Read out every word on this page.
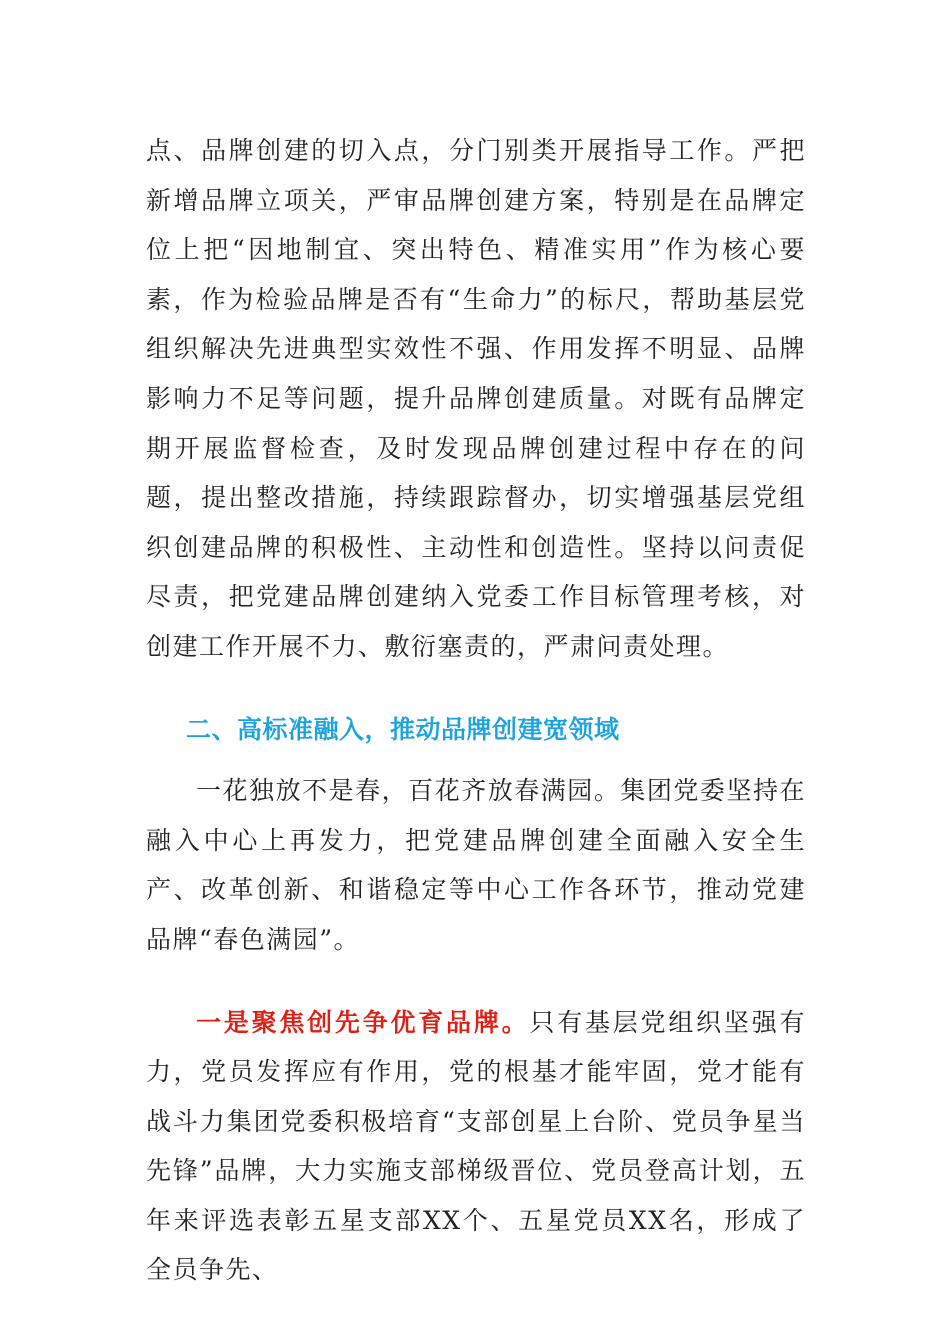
点、品牌创建的切入点，分门别类开展指导工作。严把新增品牌立项关，严审品牌创建方案，特别是在品牌定位上把“因地制宜、突出特色、精准实用”作为核心要素，作为检验品牌是否有“生命力”的标尺，帮助基层党组织解决先进典型实效性不强、作用发挥不明显、品牌影响力不足等问题，提升品牌创建质量。对既有品牌定期开展监督检查，及时发现品牌创建过程中存在的问题，提出整改措施，持续跟踪督办，切实增强基层党组织创建品牌的积极性、主动性和创造性。坚持以问责促尽责，把党建品牌创建纳入党委工作目标管理考核，对创建工作开展不力、敷衍塞责的，严肃问责处理。

二、高标准融入，推动品牌创建宽领域

一花独放不是春，百花齐放春满园。集团党委坚持在融入中心上再发力，把党建品牌创建全面融入安全生产、改革创新、和谐稳定等中心工作各环节，推动党建品牌“春色满园”。

一是聚焦创先争优育品牌。只有基层党组织坚强有力，党员发挥应有作用，党的根基才能牢固，党才能有战斗力集团党委积极培育“支部创星上台阶、党员争星当先锋”品牌，大力实施支部梯级晋位、党员登高计划，五年来评选表彰五星支部XX个、五星党员XX名，形成了全员争先、
